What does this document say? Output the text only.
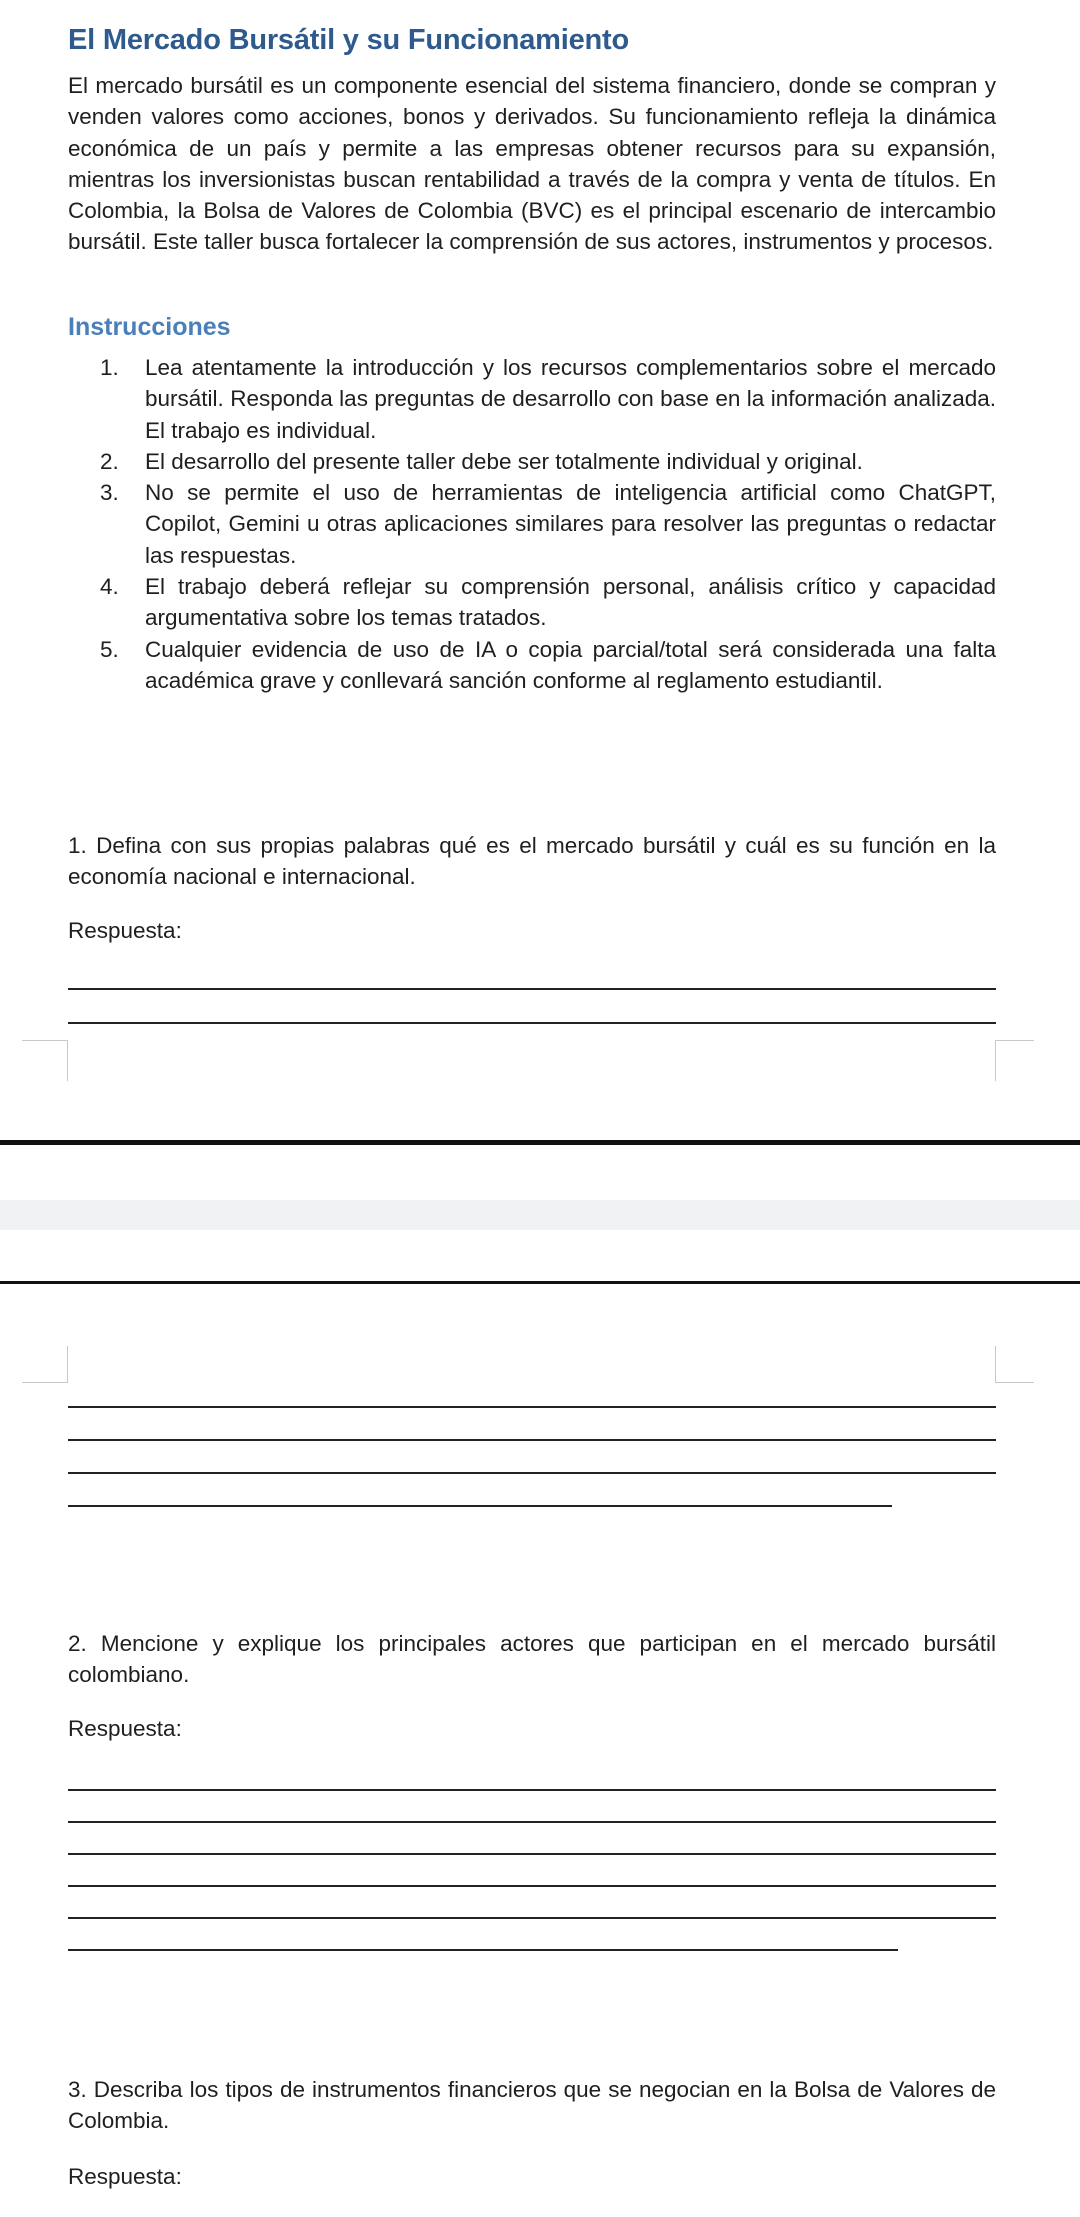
El Mercado Bursátil y su Funcionamiento

El mercado bursátil es un componente esencial del sistema financiero, donde se compran y venden valores como acciones, bonos y derivados. Su funcionamiento refleja la dinámica económica de un país y permite a las empresas obtener recursos para su expansión, mientras los inversionistas buscan rentabilidad a través de la compra y venta de títulos. En Colombia, la Bolsa de Valores de Colombia (BVC) es el principal escenario de intercambio bursátil. Este taller busca fortalecer la comprensión de sus actores, instrumentos y procesos.

Instrucciones
1. Lea atentamente la introducción y los recursos complementarios sobre el mercado bursátil. Responda las preguntas de desarrollo con base en la información analizada. El trabajo es individual.
2. El desarrollo del presente taller debe ser totalmente individual y original.
3. No se permite el uso de herramientas de inteligencia artificial como ChatGPT, Copilot, Gemini u otras aplicaciones similares para resolver las preguntas o redactar las respuestas.
4. El trabajo deberá reflejar su comprensión personal, análisis crítico y capacidad argumentativa sobre los temas tratados.
5. Cualquier evidencia de uso de IA o copia parcial/total será considerada una falta académica grave y conllevará sanción conforme al reglamento estudiantil.

1. Defina con sus propias palabras qué es el mercado bursátil y cuál es su función en la economía nacional e internacional.

Respuesta:

2. Mencione y explique los principales actores que participan en el mercado bursátil colombiano.

Respuesta:

3. Describa los tipos de instrumentos financieros que se negocian en la Bolsa de Valores de Colombia.

Respuesta:
